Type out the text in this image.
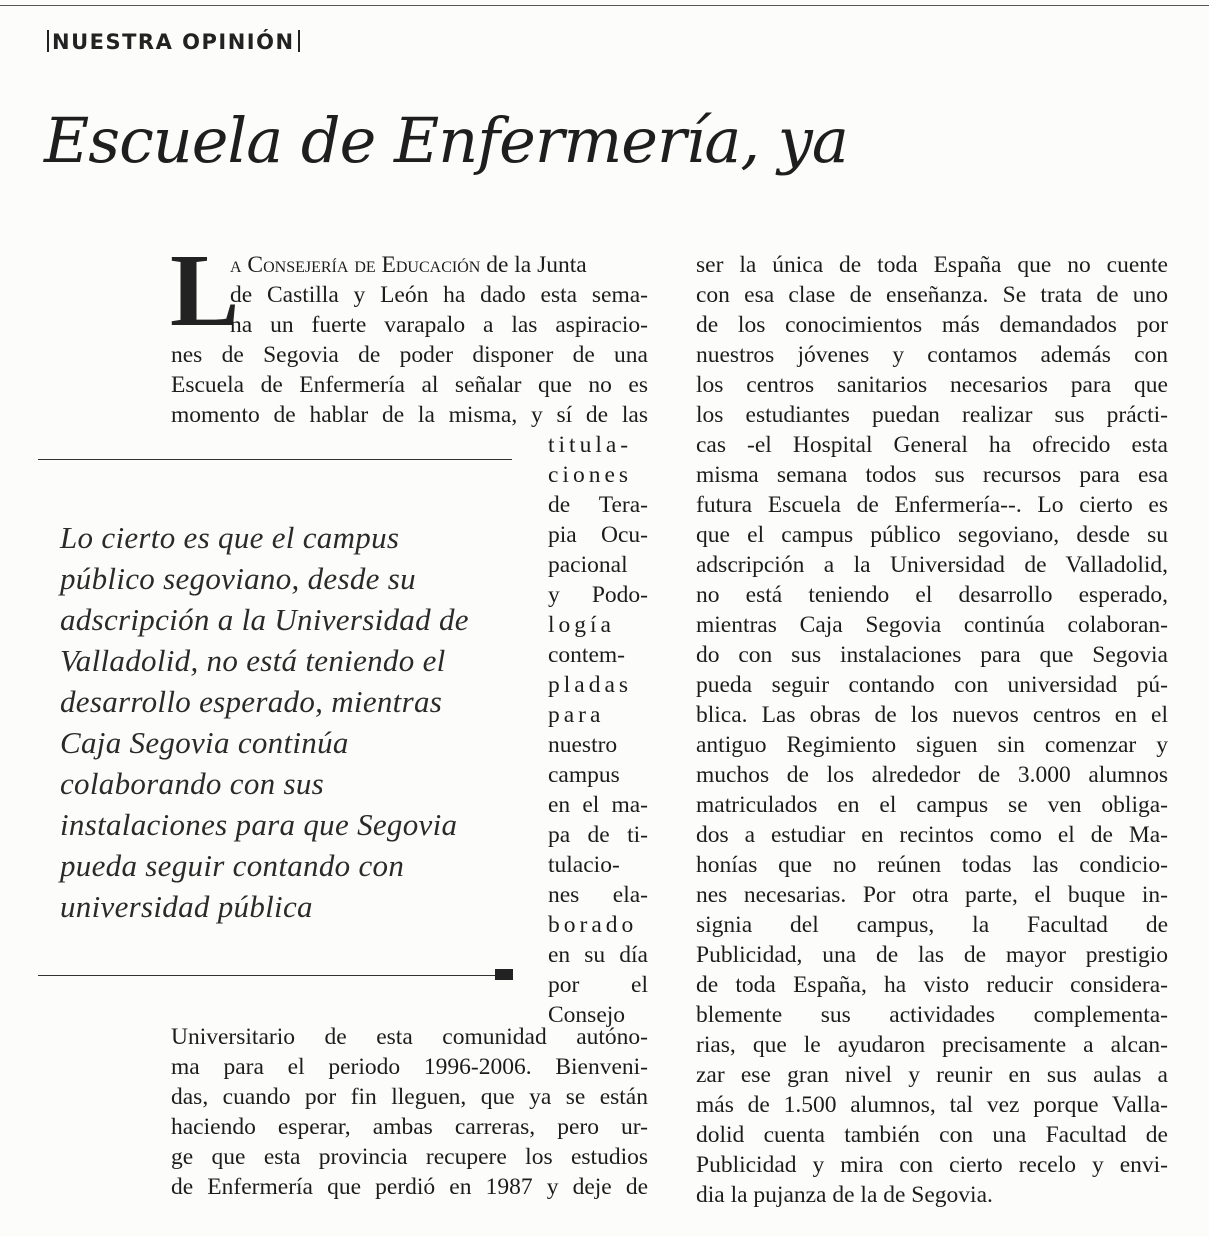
NUESTRA OPINIÓN
Escuela de Enfermería, ya
L
a Consejería de Educación de la Junta
de Castilla y León ha dado esta sema-
na un fuerte varapalo a las aspiracio-
nes de Segovia de poder disponer de una
Escuela de Enfermería al señalar que no es
momento de hablar de la misma, y sí de las
titula-
ciones
de Tera-
pia Ocu-
pacional
y Podo-
logía
contem-
pladas
para
nuestro
campus
en el ma-
pa de ti-
tulacio-
nes ela-
borado
en su día
por el
Consejo
Universitario de esta comunidad autóno-
ma para el periodo 1996-2006. Bienveni-
das, cuando por fin lleguen, que ya se están
haciendo esperar, ambas carreras, pero ur-
ge que esta provincia recupere los estudios
de Enfermería que perdió en 1987 y deje de
Lo cierto es que el campus
público segoviano, desde su
adscripción a la Universidad de
Valladolid, no está teniendo el
desarrollo esperado, mientras
Caja Segovia continúa
colaborando con sus
instalaciones para que Segovia
pueda seguir contando con
universidad pública
ser la única de toda España que no cuente
con esa clase de enseñanza. Se trata de uno
de los conocimientos más demandados por
nuestros jóvenes y contamos además con
los centros sanitarios necesarios para que
los estudiantes puedan realizar sus prácti-
cas -el Hospital General ha ofrecido esta
misma semana todos sus recursos para esa
futura Escuela de Enfermería--. Lo cierto es
que el campus público segoviano, desde su
adscripción a la Universidad de Valladolid,
no está teniendo el desarrollo esperado,
mientras Caja Segovia continúa colaboran-
do con sus instalaciones para que Segovia
pueda seguir contando con universidad pú-
blica. Las obras de los nuevos centros en el
antiguo Regimiento siguen sin comenzar y
muchos de los alrededor de 3.000 alumnos
matriculados en el campus se ven obliga-
dos a estudiar en recintos como el de Ma-
honías que no reúnen todas las condicio-
nes necesarias. Por otra parte, el buque in-
signia del campus, la Facultad de
Publicidad, una de las de mayor prestigio
de toda España, ha visto reducir considera-
blemente sus actividades complementa-
rias, que le ayudaron precisamente a alcan-
zar ese gran nivel y reunir en sus aulas a
más de 1.500 alumnos, tal vez porque Valla-
dolid cuenta también con una Facultad de
Publicidad y mira con cierto recelo y envi-
dia la pujanza de la de Segovia.
